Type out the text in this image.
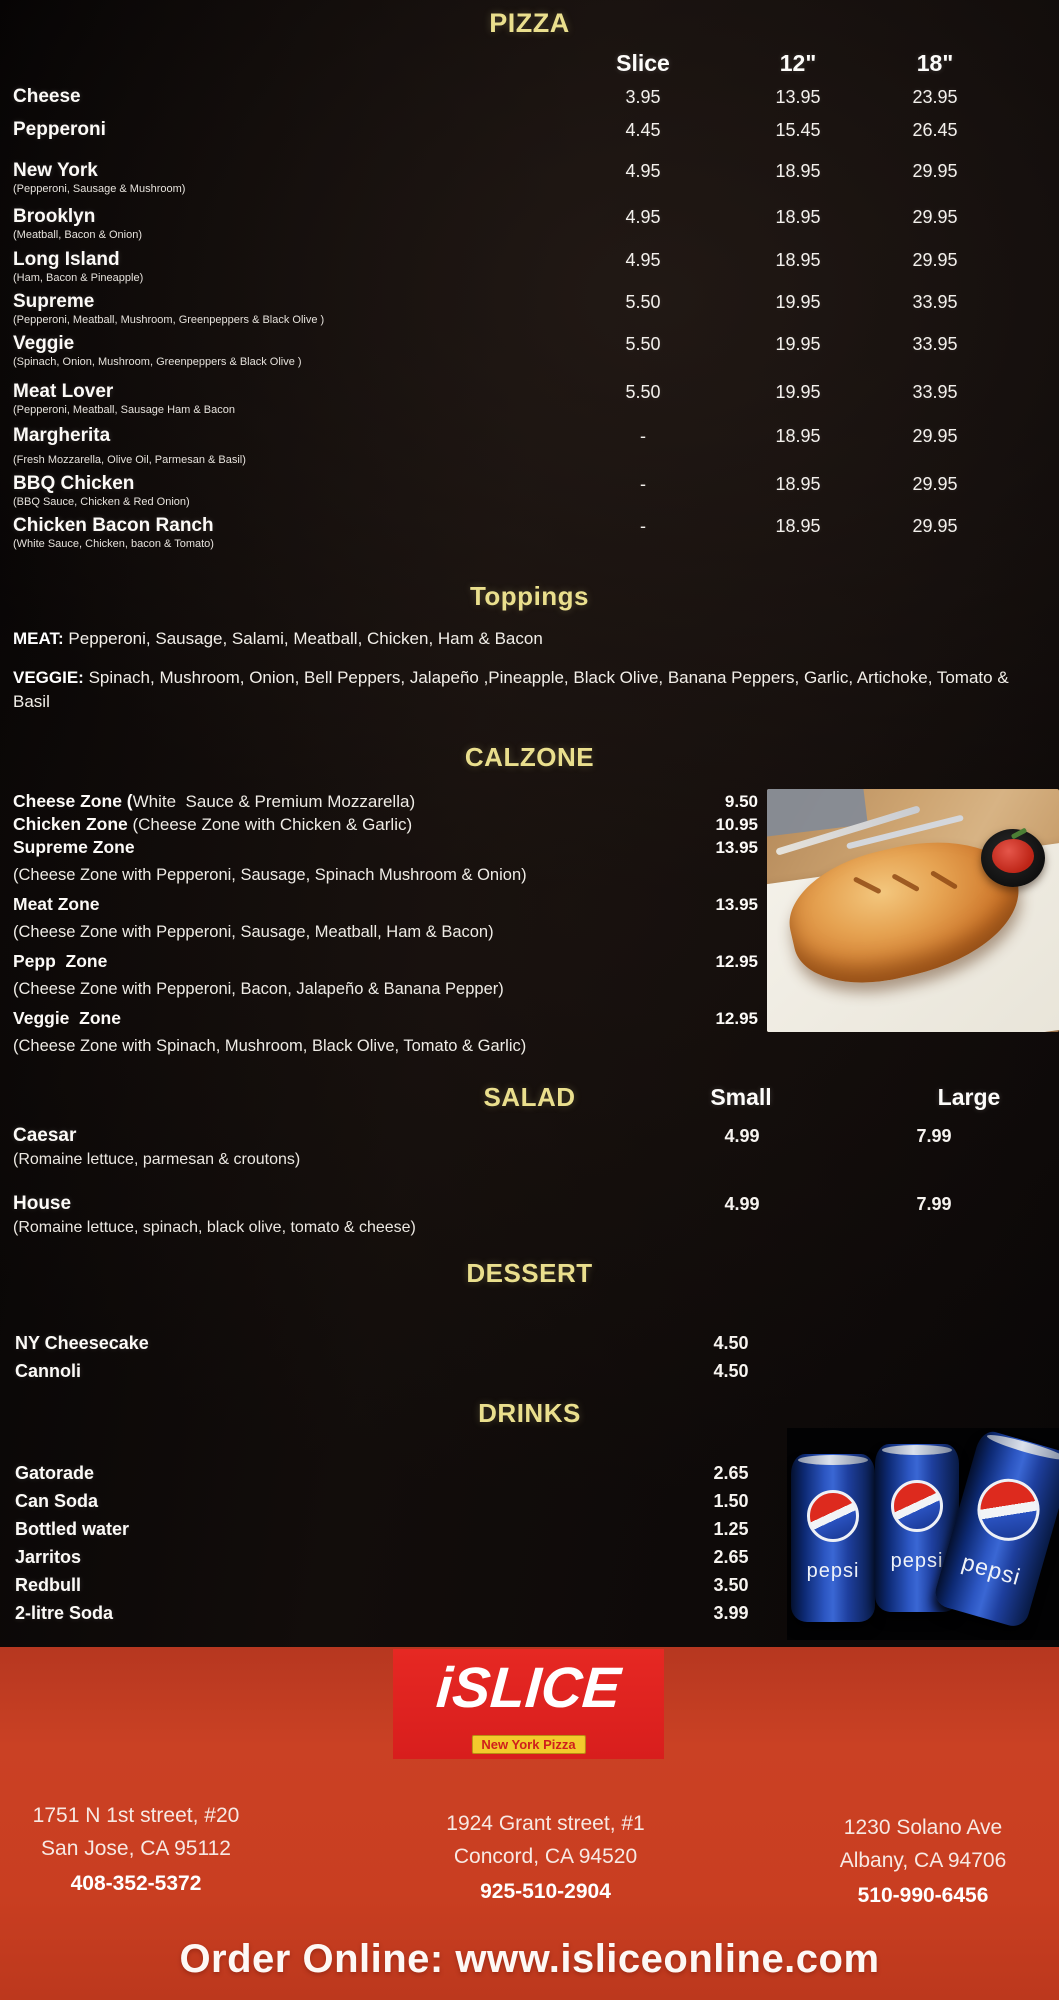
PIZZA
Slice	12"	18"
Cheese	3.95	13.95	23.95
Pepperoni	4.45	15.45	26.45
New York
(Pepperoni, Sausage & Mushroom)
4.95	18.95	29.95
Brooklyn
(Meatball, Bacon & Onion)
4.95	18.95	29.95
Long Island
(Ham, Bacon & Pineapple)
4.95	18.95	29.95
Supreme
(Pepperoni, Meatball, Mushroom, Greenpeppers & Black Olive )
5.50	19.95	33.95
Veggie
(Spinach, Onion, Mushroom, Greenpeppers & Black Olive )
5.50	19.95	33.95
Meat Lover
(Pepperoni, Meatball, Sausage Ham & Bacon
5.50	19.95	33.95
Margherita
(Fresh Mozzarella, Olive Oil, Parmesan & Basil)
-	18.95	29.95
BBQ Chicken
(BBQ Sauce, Chicken & Red Onion)
-	18.95	29.95
Chicken Bacon Ranch
(White Sauce, Chicken, bacon & Tomato)
-	18.95	29.95
Toppings
MEAT: Pepperoni, Sausage, Salami, Meatball, Chicken, Ham & Bacon
VEGGIE: Spinach, Mushroom, Onion, Bell Peppers, Jalapeño ,Pineapple, Black Olive, Banana Peppers, Garlic, Artichoke, Tomato & Basil
CALZONE
Cheese Zone ( White  Sauce & Premium Mozzarella)	9.50
Chicken Zone (Cheese Zone with Chicken & Garlic)	10.95
Supreme Zone	13.95
(Cheese Zone with Pepperoni, Sausage, Spinach Mushroom & Onion)
Meat Zone	13.95
(Cheese Zone with Pepperoni, Sausage, Meatball, Ham & Bacon)
Pepp  Zone	12.95
(Cheese Zone with Pepperoni, Bacon, Jalapeño & Banana Pepper)
Veggie  Zone	12.95
(Cheese Zone with Spinach, Mushroom, Black Olive, Tomato & Garlic)
SALAD	Small	Large
Caesar
(Romaine lettuce, parmesan & croutons)
4.99	7.99
House
(Romaine lettuce, spinach, black olive, tomato & cheese)
4.99	7.99
DESSERT
NY Cheesecake	4.50
Cannoli	4.50
DRINKS
Gatorade	2.65
Can Soda	1.50
Bottled water	1.25
Jarritos	2.65
Redbull	3.50
2-litre Soda	3.99
pepsi	pepsi pepsi
iSLICE
New York Pizza
1751 N 1st street, #20
San Jose, CA 95112
408-352-5372
1924 Grant street, #1
Concord, CA 94520
925-510-2904
1230 Solano Ave
Albany, CA 94706
510-990-6456
Order Online: www.isliceonline.com
